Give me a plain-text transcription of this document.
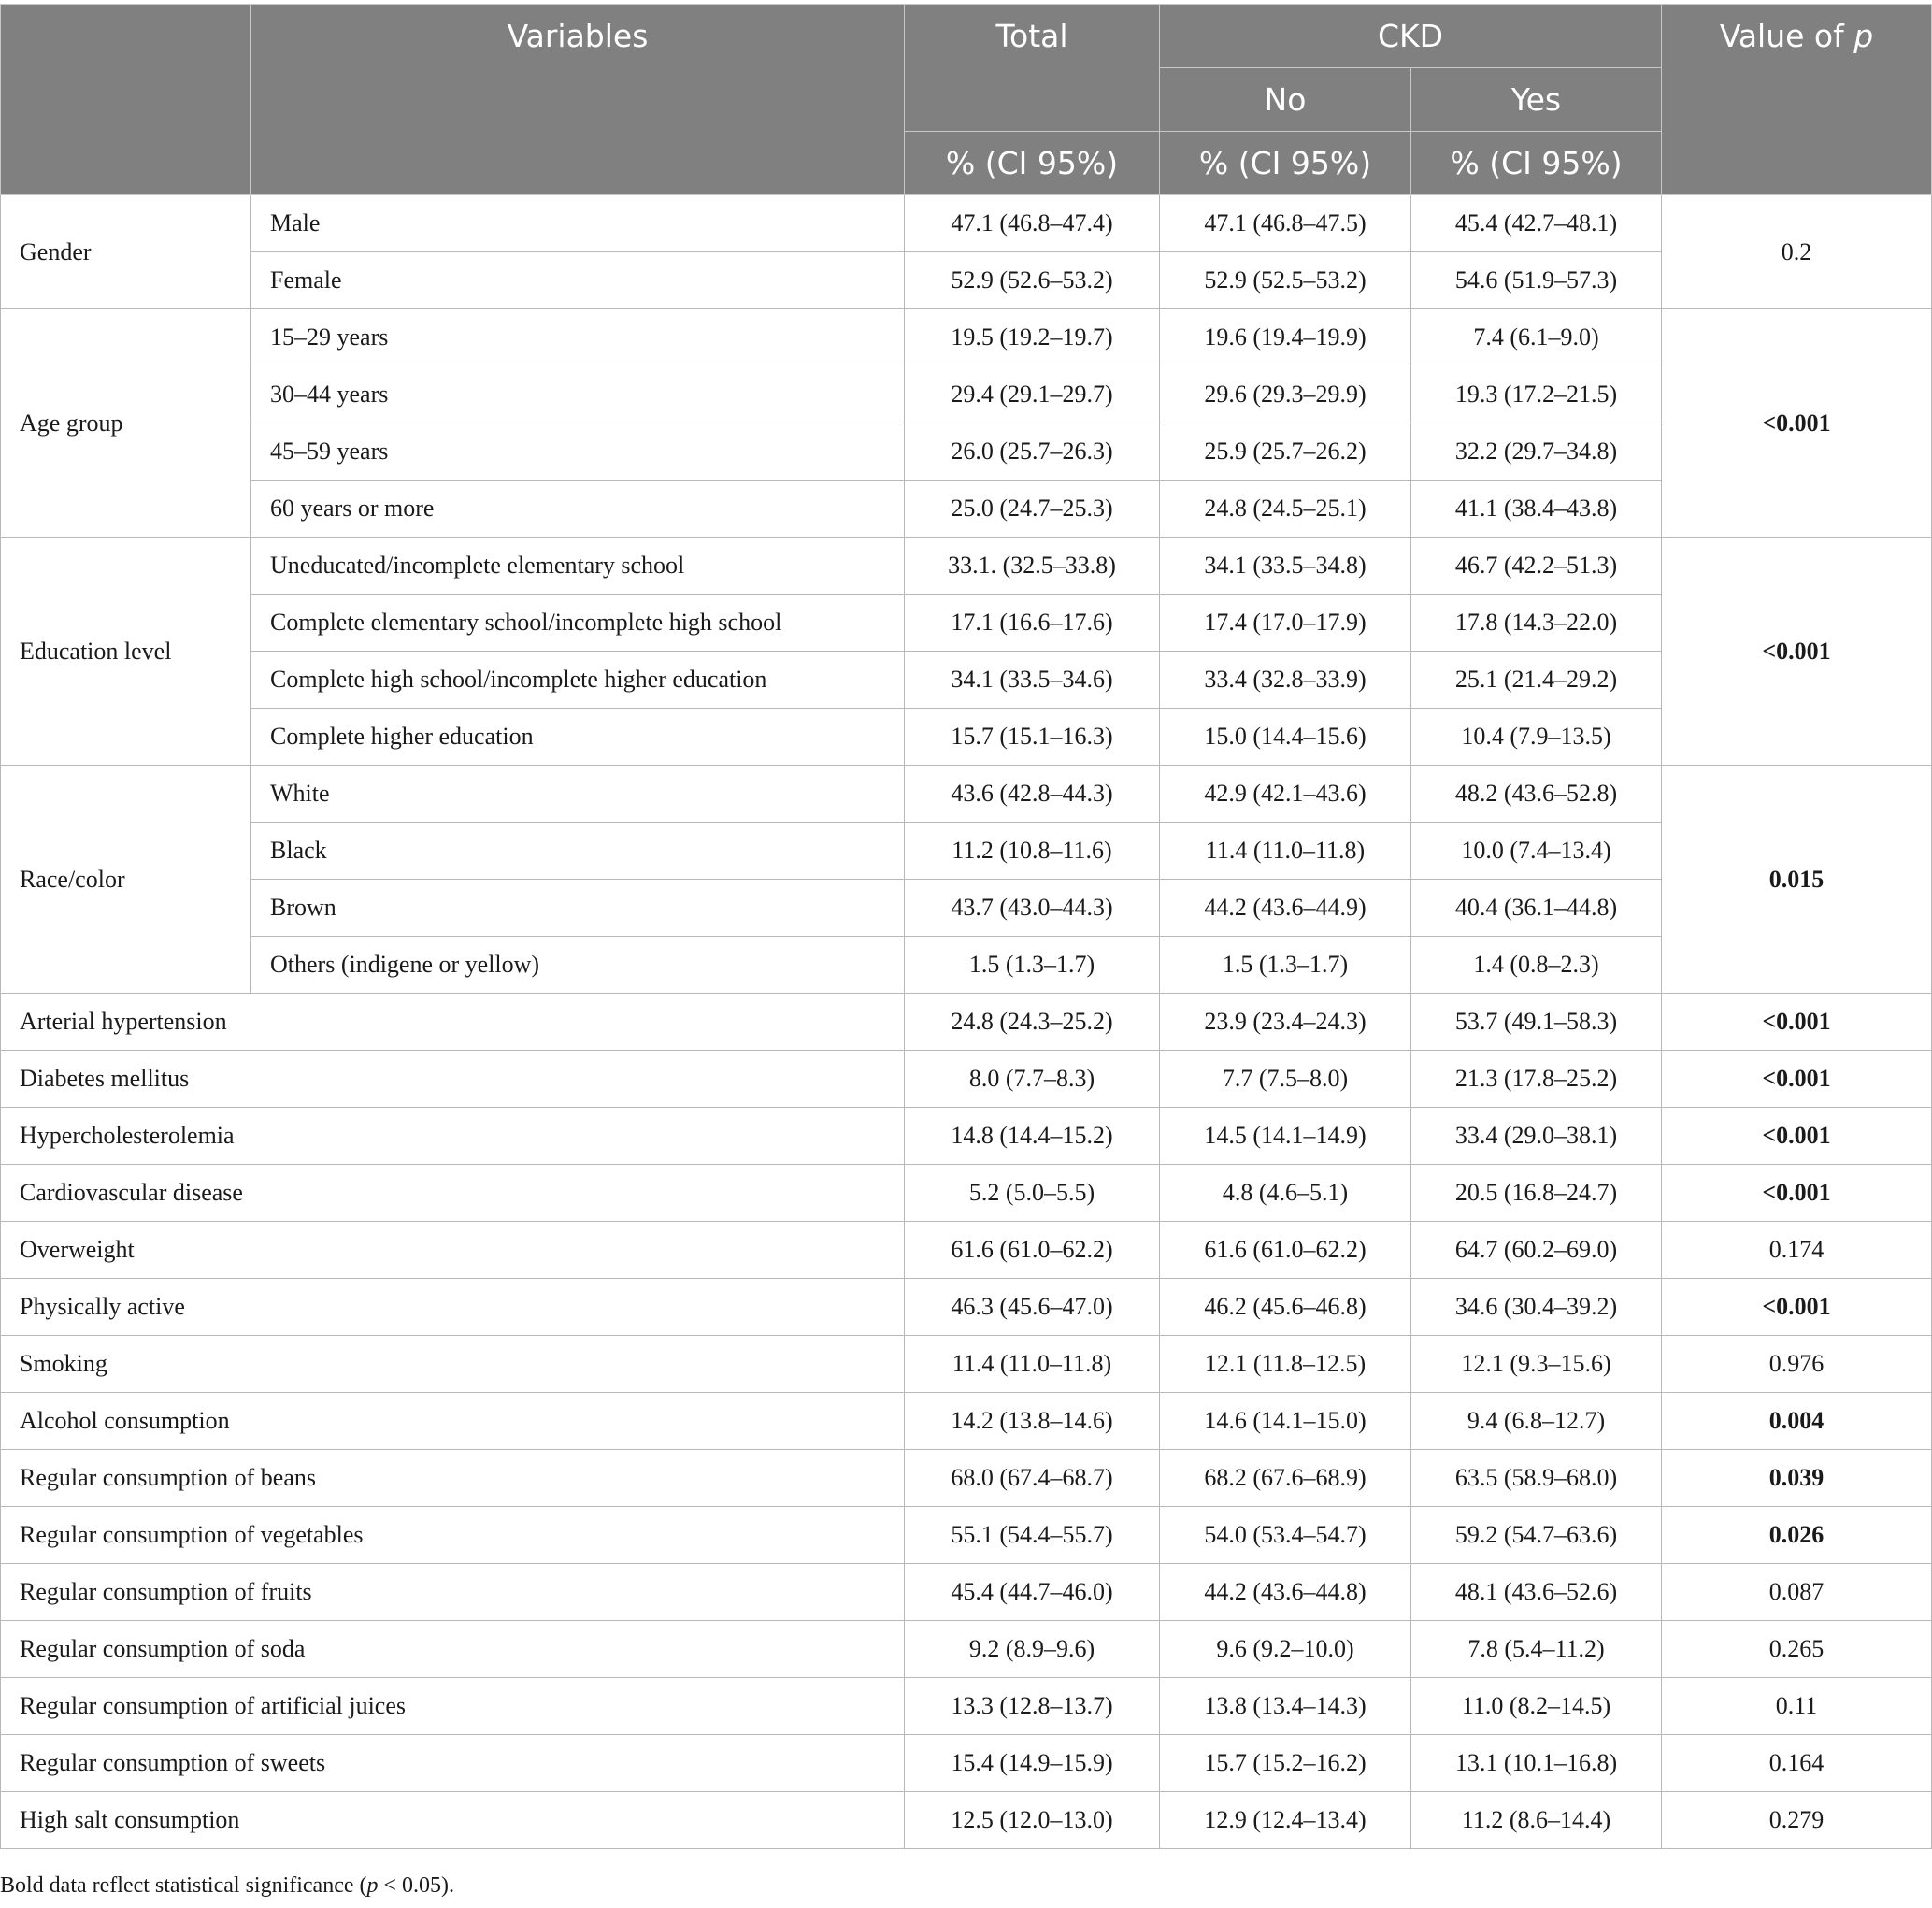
	Variables	Total	CKD		Value of p
			No	Yes	
		% (CI 95%)	% (CI 95%)	% (CI 95%)	
Gender	Male	47.1 (46.8–47.4)	47.1 (46.8–47.5)	45.4 (42.7–48.1)	0.2
	Female	52.9 (52.6–53.2)	52.9 (52.5–53.2)	54.6 (51.9–57.3)	
Age group	15–29 years	19.5 (19.2–19.7)	19.6 (19.4–19.9)	7.4 (6.1–9.0)	<0.001
	30–44 years	29.4 (29.1–29.7)	29.6 (29.3–29.9)	19.3 (17.2–21.5)	
	45–59 years	26.0 (25.7–26.3)	25.9 (25.7–26.2)	32.2 (29.7–34.8)	
	60 years or more	25.0 (24.7–25.3)	24.8 (24.5–25.1)	41.1 (38.4–43.8)	
Education level	Uneducated/incomplete elementary school	33.1. (32.5–33.8)	34.1 (33.5–34.8)	46.7 (42.2–51.3)	<0.001
	Complete elementary school/incomplete high school	17.1 (16.6–17.6)	17.4 (17.0–17.9)	17.8 (14.3–22.0)	
	Complete high school/incomplete higher education	34.1 (33.5–34.6)	33.4 (32.8–33.9)	25.1 (21.4–29.2)	
	Complete higher education	15.7 (15.1–16.3)	15.0 (14.4–15.6)	10.4 (7.9–13.5)	
Race/color	White	43.6 (42.8–44.3)	42.9 (42.1–43.6)	48.2 (43.6–52.8)	0.015
	Black	11.2 (10.8–11.6)	11.4 (11.0–11.8)	10.0 (7.4–13.4)	
	Brown	43.7 (43.0–44.3)	44.2 (43.6–44.9)	40.4 (36.1–44.8)	
	Others (indigene or yellow)	1.5 (1.3–1.7)	1.5 (1.3–1.7)	1.4 (0.8–2.3)	
Arterial hypertension		24.8 (24.3–25.2)	23.9 (23.4–24.3)	53.7 (49.1–58.3)	<0.001
Diabetes mellitus		8.0 (7.7–8.3)	7.7 (7.5–8.0)	21.3 (17.8–25.2)	<0.001
Hypercholesterolemia		14.8 (14.4–15.2)	14.5 (14.1–14.9)	33.4 (29.0–38.1)	<0.001
Cardiovascular disease		5.2 (5.0–5.5)	4.8 (4.6–5.1)	20.5 (16.8–24.7)	<0.001
Overweight		61.6 (61.0–62.2)	61.6 (61.0–62.2)	64.7 (60.2–69.0)	0.174
Physically active		46.3 (45.6–47.0)	46.2 (45.6–46.8)	34.6 (30.4–39.2)	<0.001
Smoking		11.4 (11.0–11.8)	12.1 (11.8–12.5)	12.1 (9.3–15.6)	0.976
Alcohol consumption		14.2 (13.8–14.6)	14.6 (14.1–15.0)	9.4 (6.8–12.7)	0.004
Regular consumption of beans		68.0 (67.4–68.7)	68.2 (67.6–68.9)	63.5 (58.9–68.0)	0.039
Regular consumption of vegetables		55.1 (54.4–55.7)	54.0 (53.4–54.7)	59.2 (54.7–63.6)	0.026
Regular consumption of fruits		45.4 (44.7–46.0)	44.2 (43.6–44.8)	48.1 (43.6–52.6)	0.087
Regular consumption of soda		9.2 (8.9–9.6)	9.6 (9.2–10.0)	7.8 (5.4–11.2)	0.265
Regular consumption of artificial juices		13.3 (12.8–13.7)	13.8 (13.4–14.3)	11.0 (8.2–14.5)	0.11
Regular consumption of sweets		15.4 (14.9–15.9)	15.7 (15.2–16.2)	13.1 (10.1–16.8)	0.164
High salt consumption		12.5 (12.0–13.0)	12.9 (12.4–13.4)	11.2 (8.6–14.4)	0.279
Bold data reflect statistical significance (p < 0.05).
